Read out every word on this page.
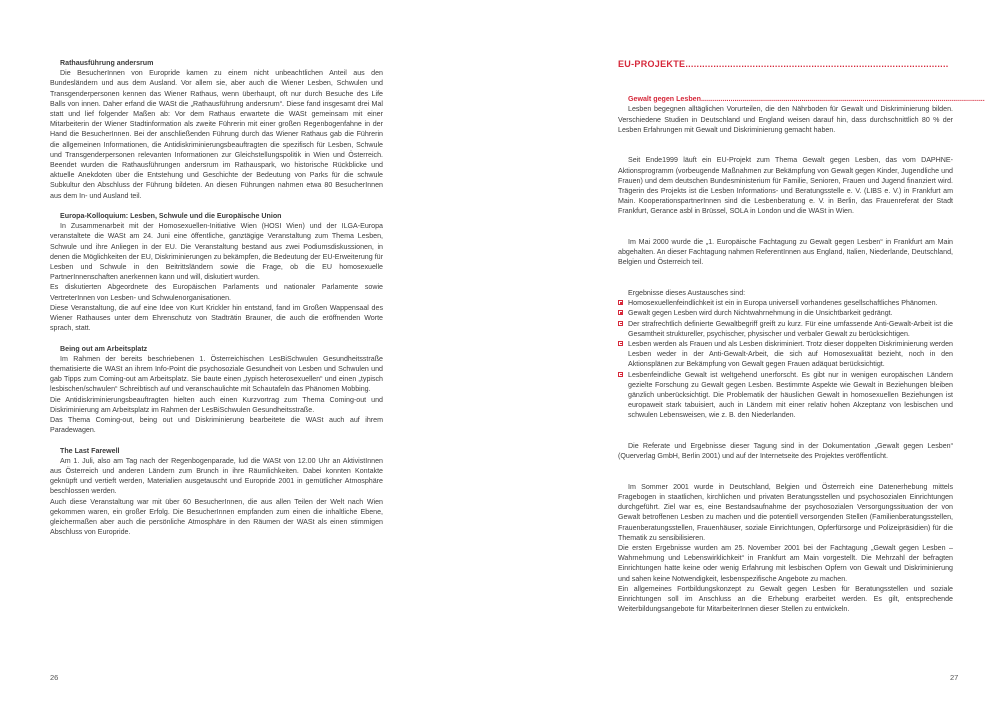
Rathausführung andersrum

Die BesucherInnen von Europride kamen zu einem nicht unbeachtlichen Anteil aus den Bundesländern und aus dem Ausland. Vor allem sie, aber auch die Wiener Lesben, Schwulen und Transgenderpersonen kennen das Wiener Rathaus, wenn überhaupt, oft nur durch Besuche des Life Balls von innen. Daher erfand die WASt die „Rathausführung andersrum“. Diese fand insgesamt drei Mal statt und lief folgender Maßen ab: Vor dem Rathaus erwartete die WASt gemeinsam mit einer Mitarbeiterin der Wiener Stadtinformation als zweite Führerin mit einer großen Regenbogenfahne in der Hand die BesucherInnen. Bei der anschließenden Führung durch das Wiener Rathaus gab die Führerin die allgemeinen Informationen, die Antidiskriminierungsbeauftragten die spezifisch für Lesben, Schwule und Transgenderpersonen relevanten Informationen zur Gleichstellungspolitik in Wien und Österreich. Beendet wurden die Rathausführungen andersrum im Rathauspark, wo historische Rückblicke und aktuelle Anekdoten über die Entstehung und Geschichte der Bedeutung von Parks für die schwule Subkultur den Abschluss der Führung bildeten. An diesen Führungen nahmen etwa 80 BesucherInnen aus dem In- und Ausland teil.

Europa-Kolloquium: Lesben, Schwule und die Europäische Union

In Zusammenarbeit mit der Homosexuellen-Initiative Wien (HOSI Wien) und der ILGA-Europa veranstaltete die WASt am 24. Juni eine öffentliche, ganztägige Veranstaltung zum Thema Lesben, Schwule und ihre Anliegen in der EU. Die Veranstaltung bestand aus zwei Podiumsdiskussionen, in denen die Möglichkeiten der EU, Diskriminierungen zu bekämpfen, die Bedeutung der EU-Erweiterung für Lesben und Schwule in den Beitrittsländern sowie die Frage, ob die EU homosexuelle PartnerInnenschaften anerkennen kann und will, diskutiert wurden.

Es diskutierten Abgeordnete des Europäischen Parlaments und nationaler Parlamente sowie VertreterInnen von Lesben- und Schwulenorganisationen.

Diese Veranstaltung, die auf eine Idee von Kurt Krickler hin entstand, fand im Großen Wappensaal des Wiener Rathauses unter dem Ehrenschutz von Stadträtin Brauner, die auch die eröffnenden Worte sprach, statt.

Being out am Arbeitsplatz

Im Rahmen der bereits beschriebenen 1. Österreichischen LesBiSchwulen Gesundheitsstraße thematisierte die WASt an ihrem Info-Point die psychosoziale Gesundheit von Lesben und Schwulen und gab Tipps zum Coming-out am Arbeitsplatz. Sie baute einen „typisch heterosexuellen“ und einen „typisch lesbischen/schwulen“ Schreibtisch auf und veranschaulichte mit Schautafeln das Phänomen Mobbing.

Die Antidiskriminierungsbeauftragten hielten auch einen Kurzvortrag zum Thema Coming-out und Diskriminierung am Arbeitsplatz im Rahmen der LesBiSchwulen Gesundheitsstraße.

Das Thema Coming-out, being out und Diskriminierung bearbeitete die WASt auch auf ihrem Paradewagen.

The Last Farewell

Am 1. Juli, also am Tag nach der Regenbogenparade, lud die WASt von 12.00 Uhr an AktivistInnen aus Österreich und anderen Ländern zum Brunch in ihre Räumlichkeiten. Dabei konnten Kontakte geknüpft und vertieft werden, Materialien ausgetauscht und Europride 2001 in gemütlicher Atmosphäre beschlossen werden.

Auch diese Veranstaltung war mit über 60 BesucherInnen, die aus allen Teilen der Welt nach Wien gekommen waren, ein großer Erfolg. Die BesucherInnen empfanden zum einen die inhaltliche Ebene, gleichermaßen aber auch die persönliche Atmosphäre in den Räumen der WASt als einen stimmigen Abschluss von Europride.

26

EU-PROJEKTE..............................................................................................

Gewalt gegen Lesben................................................................................................................................................

Lesben begegnen alltäglichen Vorurteilen, die den Nährboden für Gewalt und Diskriminierung bilden. Verschiedene Studien in Deutschland und England weisen darauf hin, dass durchschnittlich 80 % der Lesben Erfahrungen mit Gewalt und Diskriminierung gemacht haben.

Seit Ende1999 läuft ein EU-Projekt zum Thema Gewalt gegen Lesben, das vom DAPHNE-Aktionsprogramm (vorbeugende Maßnahmen zur Bekämpfung von Gewalt gegen Kinder, Jugendliche und Frauen) und dem deutschen Bundesministerium für Familie, Senioren, Frauen und Jugend finanziert wird. Trägerin des Projekts ist die Lesben Informations- und Beratungsstelle e. V. (LIBS e. V.) in Frankfurt am Main. KooperationspartnerInnen sind die Lesbenberatung e. V. in Berlin, das Frauenreferat der Stadt Frankfurt, Gerance asbl in Brüssel, SOLA in London und die WASt in Wien.

Im Mai 2000 wurde die „1. Europäische Fachtagung zu Gewalt gegen Lesben“ in Frankfurt am Main abgehalten. An dieser Fachtagung nahmen ReferentInnen aus England, Italien, Niederlande, Deutschland, Belgien und Österreich teil.

Ergebnisse dieses Austausches sind:

Homosexuellenfeindlichkeit ist ein in Europa universell vorhandenes gesellschaftliches Phänomen.
Gewalt gegen Lesben wird durch Nichtwahrnehmung in die Unsichtbarkeit gedrängt.
Der strafrechtlich definierte Gewaltbegriff greift zu kurz. Für eine umfassende Anti-Gewalt-Arbeit ist die Gesamtheit struktureller, psychischer, physischer und verbaler Gewalt zu berücksichtigen.
Lesben werden als Frauen und als Lesben diskriminiert. Trotz dieser doppelten Diskriminierung werden Lesben weder in der Anti-Gewalt-Arbeit, die sich auf Homosexualität bezieht, noch in den Aktionsplänen zur Bekämpfung von Gewalt gegen Frauen adäquat berücksichtigt.
Lesbenfeindliche Gewalt ist weltgehend unerforscht. Es gibt nur in wenigen europäischen Ländern gezielte Forschung zu Gewalt gegen Lesben. Bestimmte Aspekte wie Gewalt in Beziehungen bleiben gänzlich unberücksichtigt. Die Problematik der häuslichen Gewalt in homosexuellen Beziehungen ist europaweit stark tabuisiert, auch in Ländern mit einer relativ hohen Akzeptanz von lesbischen und schwulen Lebensweisen, wie z. B. den Niederlanden.

Die Referate und Ergebnisse dieser Tagung sind in der Dokumentation „Gewalt gegen Lesben“ (Querverlag GmbH, Berlin 2001) und auf der Internetseite des Projektes veröffentlicht.

Im Sommer 2001 wurde in Deutschland, Belgien und Österreich eine Datenerhebung mittels Fragebogen in staatlichen, kirchlichen und privaten Beratungsstellen und psychosozialen Einrichtungen durchgeführt. Ziel war es, eine Bestandsaufnahme der psychosozialen Versorgungssituation der von Gewalt betroffenen Lesben zu machen und die potentiell versorgenden Stellen (Familienberatungsstellen, Frauenberatungsstellen, Frauenhäuser, soziale Einrichtungen, Opferfürsorge und Polizeipräsidien) für die Thematik zu sensibilisieren.

Die ersten Ergebnisse wurden am 25. November 2001 bei der Fachtagung „Gewalt gegen Lesben – Wahrnehmung und Lebenswirklichkeit“ in Frankfurt am Main vorgestellt. Die Mehrzahl der befragten Einrichtungen hatte keine oder wenig Erfahrung mit lesbischen Opfern von Gewalt und Diskriminierung und sahen keine Notwendigkeit, lesbenspezifische Angebote zu machen.

Ein allgemeines Fortbildungskonzept zu Gewalt gegen Lesben für Beratungsstellen und soziale Einrichtungen soll im Anschluss an die Erhebung erarbeitet werden. Es gilt, entsprechende Weiterbildungsangebote für MitarbeiterInnen dieser Stellen zu entwickeln.

27
